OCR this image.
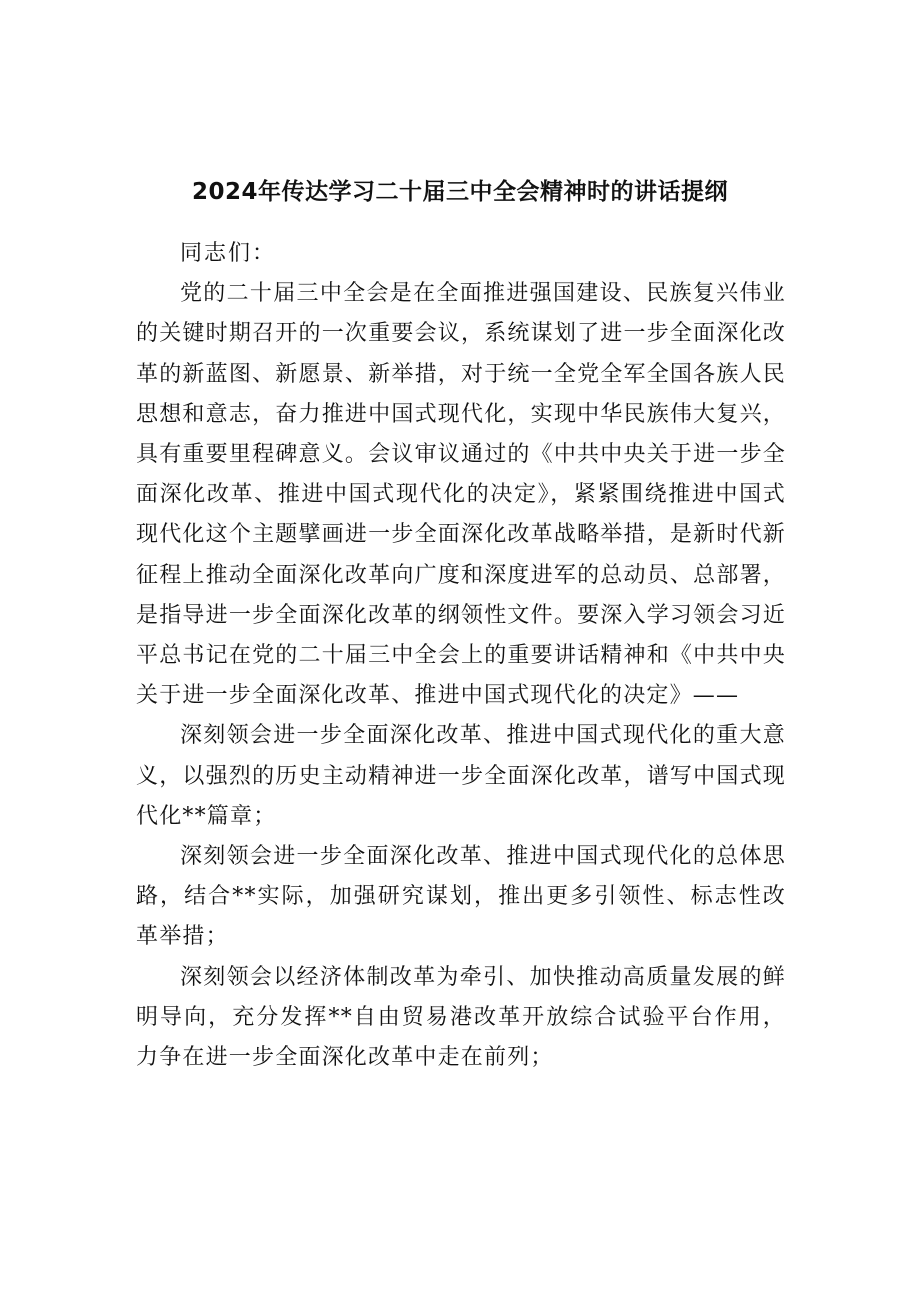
2024年传达学习二十届三中全会精神时的讲话提纲

同志们：

党的二十届三中全会是在全面推进强国建设、民族复兴伟业的关键时期召开的一次重要会议，系统谋划了进一步全面深化改革的新蓝图、新愿景、新举措，对于统一全党全军全国各族人民思想和意志，奋力推进中国式现代化，实现中华民族伟大复兴，具有重要里程碑意义。会议审议通过的《中共中央关于进一步全面深化改革、推进中国式现代化的决定》，紧紧围绕推进中国式现代化这个主题擘画进一步全面深化改革战略举措，是新时代新征程上推动全面深化改革向广度和深度进军的总动员、总部署，是指导进一步全面深化改革的纲领性文件。要深入学习领会习近平总书记在党的二十届三中全会上的重要讲话精神和《中共中央关于进一步全面深化改革、推进中国式现代化的决定》——

深刻领会进一步全面深化改革、推进中国式现代化的重大意义，以强烈的历史主动精神进一步全面深化改革，谱写中国式现代化**篇章；

深刻领会进一步全面深化改革、推进中国式现代化的总体思路，结合**实际，加强研究谋划，推出更多引领性、标志性改革举措；

深刻领会以经济体制改革为牵引、加快推动高质量发展的鲜明导向，充分发挥**自由贸易港改革开放综合试验平台作用，力争在进一步全面深化改革中走在前列；
